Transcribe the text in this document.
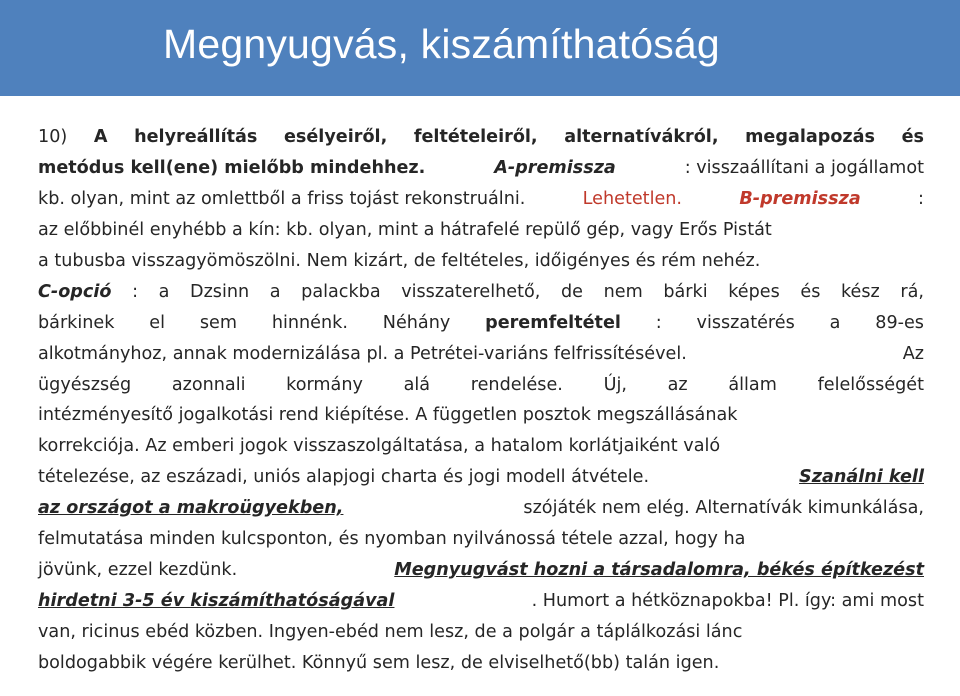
Megnyugvás, kiszámíthatóság
10) A helyreállítás esélyeiről, feltételeiről, alternatívákról, megalapozás és
metódus kell(ene) mielőbb mindehhez.	A-premissza	: visszaállítani a jogállamot
kb. olyan, mint az omlettből a friss tojást rekonstruálni.	Lehetetlen.	B-premissza	:
az előbbinél enyhébb a kín: kb. olyan, mint a hátrafelé repülő gép, vagy Erős Pistát
a tubusba visszagyömöszölni. Nem kizárt, de feltételes, időigényes és rém nehéz.
C-opció : a Dzsinn a palackba visszaterelhető, de nem bárki képes és kész rá,
bárkinek el sem hinnénk. Néhány peremfeltétel : visszatérés a 89-es
alkotmányhoz, annak modernizálása pl. a Petrétei-variáns felfrissítésével.	Az
ügyészség azonnali kormány alá rendelése. Új, az állam felelősségét
intézményesítő jogalkotási rend kiépítése. A független posztok megszállásának
korrekciója. Az emberi jogok visszaszolgáltatása, a hatalom korlátjaiként való
tételezése, az eszázadi, uniós alapjogi charta és jogi modell átvétele.	Szanálni kell
az országot a makroügyekben,	szójáték nem elég. Alternatívák kimunkálása,
felmutatása minden kulcsponton, és nyomban nyilvánossá tétele azzal, hogy ha
jövünk, ezzel kezdünk.	Megnyugvást hozni a társadalomra, békés építkezést
hirdetni 3-5 év kiszámíthatóságával	. Humort a hétköznapokba! Pl. így: ami most
van, ricinus ebéd közben. Ingyen-ebéd nem lesz, de a polgár a táplálkozási lánc
boldogabbik végére kerülhet. Könnyű sem lesz, de elviselhető(bb) talán igen.
